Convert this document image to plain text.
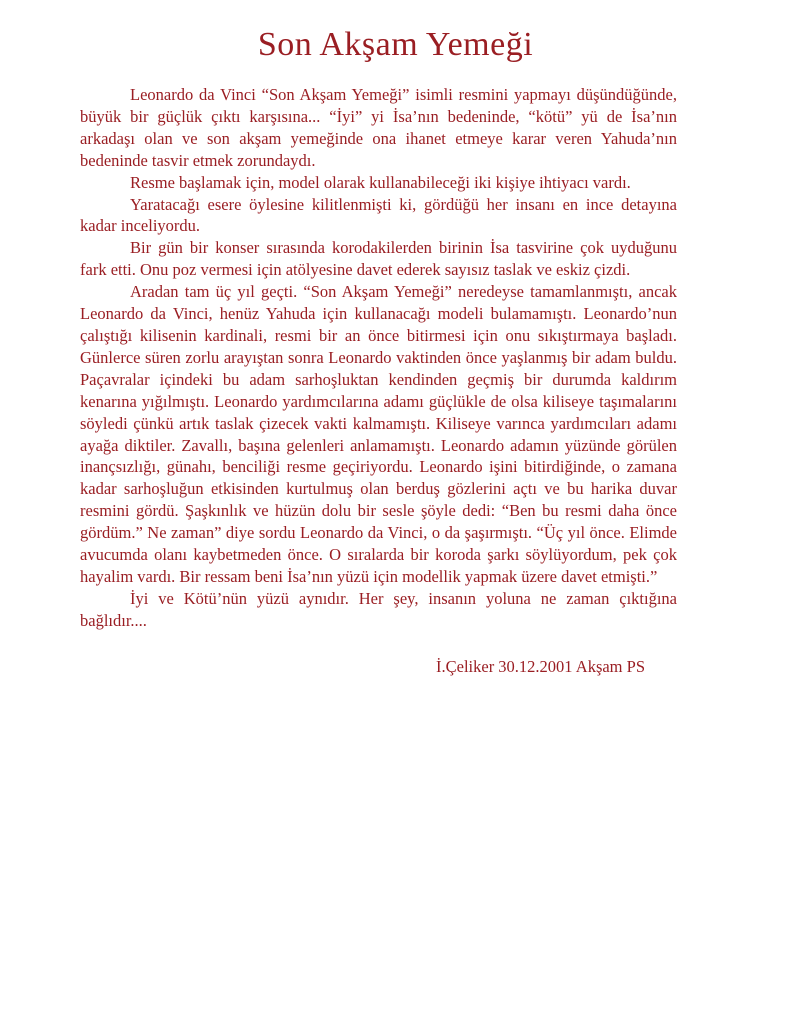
Son Akşam Yemeği

Leonardo da Vinci “Son Akşam Yemeği” isimli resmini yapmayı düşündüğünde, büyük bir güçlük çıktı karşısına... “İyi” yi İsa’nın bedeninde, “kötü” yü de İsa’nın arkadaşı olan ve son akşam yemeğinde ona ihanet etmeye karar veren Yahuda’nın bedeninde tasvir etmek zorundaydı.

Resme başlamak için, model olarak kullanabileceği iki kişiye ihtiyacı vardı.

Yaratacağı esere öylesine kilitlenmişti ki, gördüğü her insanı en ince detayına kadar inceliyordu.

Bir gün bir konser sırasında korodakilerden birinin İsa tasvirine çok uyduğunu fark etti. Onu poz vermesi için atölyesine davet ederek sayısız taslak ve eskiz çizdi.

Aradan tam üç yıl geçti. “Son Akşam Yemeği” neredeyse tamamlanmıştı, ancak Leonardo da Vinci, henüz Yahuda için kullanacağı modeli bulamamıştı. Leonardo’nun çalıştığı kilisenin kardinali, resmi bir an önce bitirmesi için onu sıkıştırmaya başladı. Günlerce süren zorlu arayıştan sonra Leonardo vaktinden önce yaşlanmış bir adam buldu. Paçavralar içindeki bu adam sarhoşluktan kendinden geçmiş bir durumda kaldırım kenarına yığılmıştı. Leonardo yardımcılarına adamı güçlükle de olsa kiliseye taşımalarını söyledi çünkü artık taslak çizecek vakti kalmamıştı. Kiliseye varınca yardımcıları adamı ayağa diktiler. Zavallı, başına gelenleri anlamamıştı. Leonardo adamın yüzünde görülen inançsızlığı, günahı, benciliği resme geçiriyordu. Leonardo işini bitirdiğinde, o zamana kadar sarhoşluğun etkisinden kurtulmuş olan berduş gözlerini açtı ve bu harika duvar resmini gördü. Şaşkınlık ve hüzün dolu bir sesle şöyle dedi: “Ben bu resmi daha önce gördüm.” Ne zaman” diye sordu Leonardo da Vinci, o da şaşırmıştı. “Üç yıl önce. Elimde avucumda olanı kaybetmeden önce. O sıralarda bir koroda şarkı söylüyordum, pek çok hayalim vardı. Bir ressam beni İsa’nın yüzü için modellik yapmak üzere davet etmişti.”

İyi ve Kötü’nün yüzü aynıdır. Her şey, insanın yoluna ne zaman çıktığına bağlıdır....

İ.Çeliker 30.12.2001 Akşam PS
